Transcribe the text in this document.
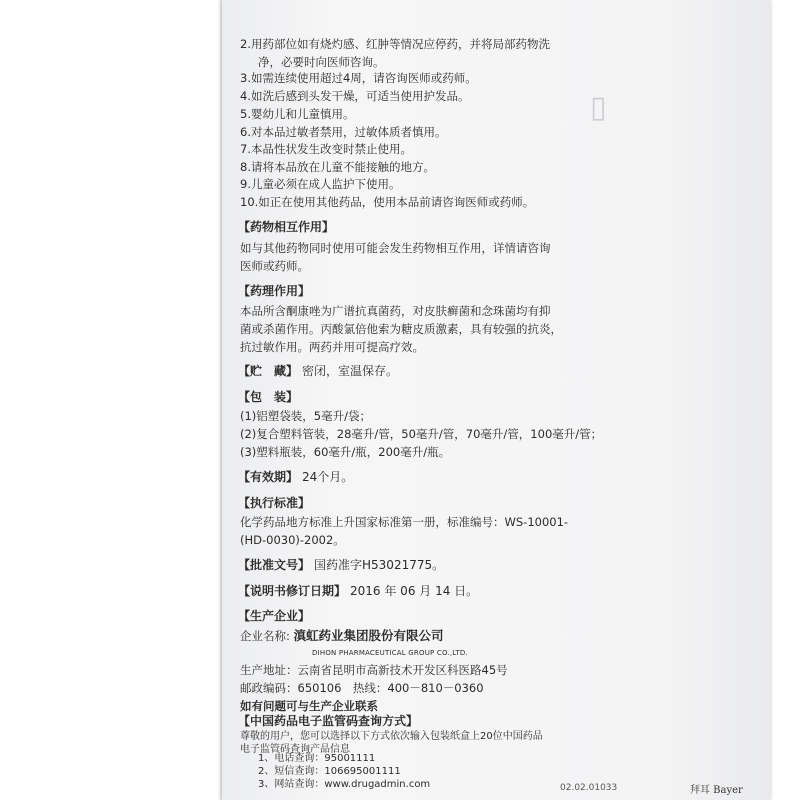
▯
2.用药部位如有烧灼感、红肿等情况应停药，并将局部药物洗
净，必要时向医师咨询。
3.如需连续使用超过4周，请咨询医师或药师。
4.如洗后感到头发干燥，可适当使用护发品。
5.婴幼儿和儿童慎用。
6.对本品过敏者禁用，过敏体质者慎用。
7.本品性状发生改变时禁止使用。
8.请将本品放在儿童不能接触的地方。
9.儿童必须在成人监护下使用。
10.如正在使用其他药品，使用本品前请咨询医师或药师。
【药物相互作用】
如与其他药物同时使用可能会发生药物相互作用，详情请咨询
医师或药师。
【药理作用】
本品所含酮康唑为广谱抗真菌药，对皮肤癣菌和念珠菌均有抑
菌或杀菌作用。丙酸氯倍他索为糖皮质激素，具有较强的抗炎，
抗过敏作用。两药并用可提高疗效。
【贮　藏】 密闭，室温保存。
【包　装】
(1)铝塑袋装，5毫升/袋；
(2)复合塑料管装，28毫升/管，50毫升/管，70毫升/管，100毫升/管；
(3)塑料瓶装，60毫升/瓶，200毫升/瓶。
【有效期】 24个月。
【执行标准】
化学药品地方标准上升国家标准第一册，标准编号：WS-10001-
(HD-0030)-2002。
【批准文号】 国药准字H53021775。
【说明书修订日期】 2016 年 06 月 14 日。
【生产企业】
企业名称: 滇虹药业集团股份有限公司
DIHON PHARMACEUTICAL GROUP CO.,LTD.
生产地址：云南省昆明市高新技术开发区科医路45号
邮政编码：650106　热线：400－810－0360
如有问题可与生产企业联系
【中国药品电子监管码查询方式】
尊敬的用户，您可以选择以下方式依次输入包装纸盒上20位中国药品
电子监管码查询产品信息
02.02.01033	拜耳 Bayer
1、电话查询：95001111
2、短信查询：106695001111
3、网站查询：www.drugadmin.com
